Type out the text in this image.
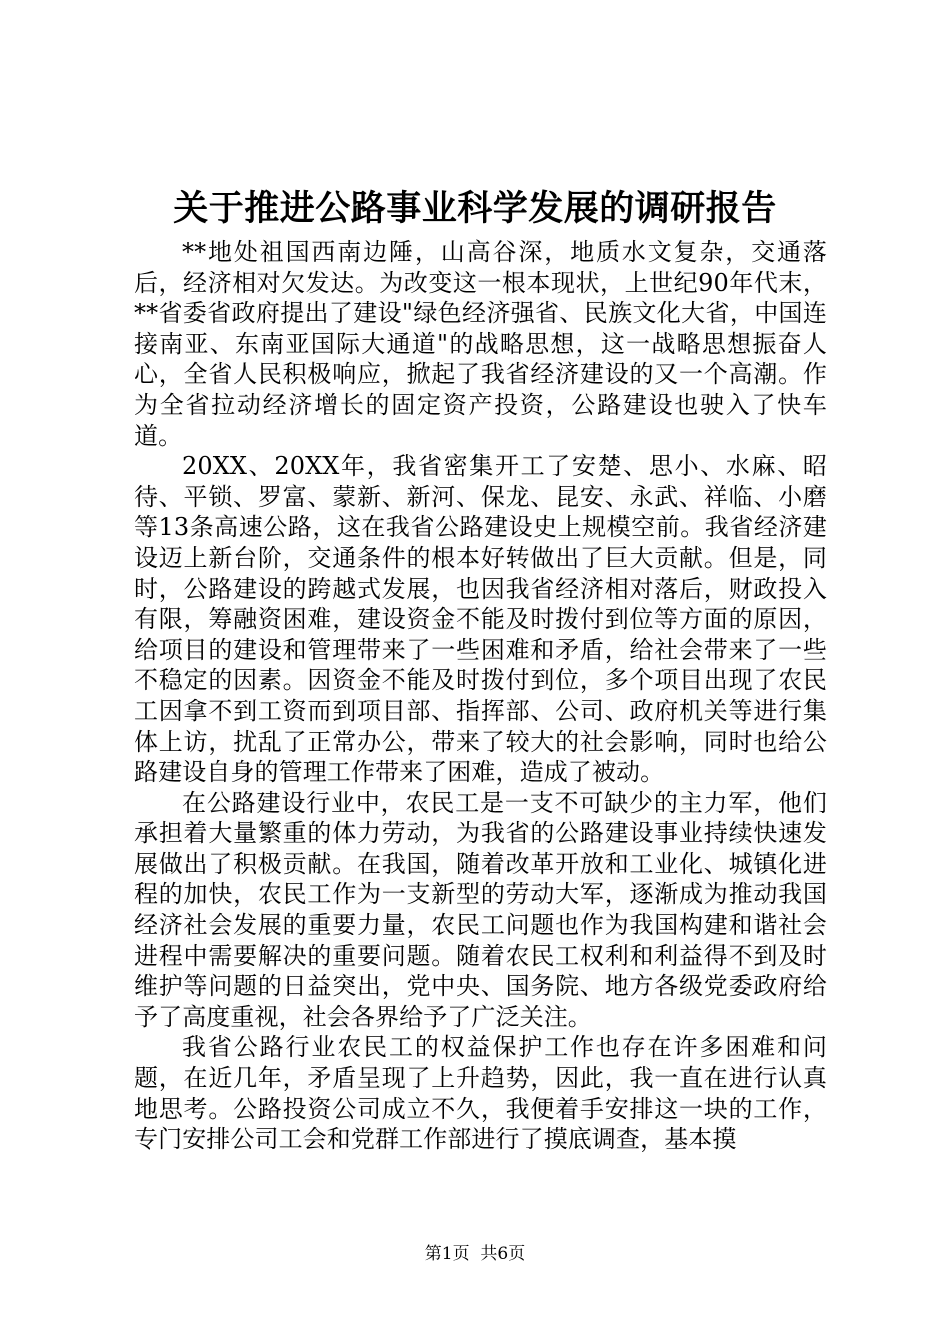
关于推进公路事业科学发展的调研报告

**地处祖国西南边陲，山高谷深，地质水文复杂，交通落后，经济相对欠发达。为改变这一根本现状，上世纪90年代末，**省委省政府提出了建设"绿色经济强省、民族文化大省，中国连接南亚、东南亚国际大通道"的战略思想，这一战略思想振奋人心，全省人民积极响应，掀起了我省经济建设的又一个高潮。作为全省拉动经济增长的固定资产投资，公路建设也驶入了快车道。

20XX、20XX年，我省密集开工了安楚、思小、水麻、昭待、平锁、罗富、蒙新、新河、保龙、昆安、永武、祥临、小磨等13条高速公路，这在我省公路建设史上规模空前。我省经济建设迈上新台阶，交通条件的根本好转做出了巨大贡献。但是，同时，公路建设的跨越式发展，也因我省经济相对落后，财政投入有限，筹融资困难，建设资金不能及时拨付到位等方面的原因，给项目的建设和管理带来了一些困难和矛盾，给社会带来了一些不稳定的因素。因资金不能及时拨付到位，多个项目出现了农民工因拿不到工资而到项目部、指挥部、公司、政府机关等进行集体上访，扰乱了正常办公，带来了较大的社会影响，同时也给公路建设自身的管理工作带来了困难，造成了被动。

在公路建设行业中，农民工是一支不可缺少的主力军，他们承担着大量繁重的体力劳动，为我省的公路建设事业持续快速发展做出了积极贡献。在我国，随着改革开放和工业化、城镇化进程的加快，农民工作为一支新型的劳动大军，逐渐成为推动我国经济社会发展的重要力量，农民工问题也作为我国构建和谐社会进程中需要解决的重要问题。随着农民工权利和利益得不到及时维护等问题的日益突出，党中央、国务院、地方各级党委政府给予了高度重视，社会各界给予了广泛关注。

我省公路行业农民工的权益保护工作也存在许多困难和问题，在近几年，矛盾呈现了上升趋势，因此，我一直在进行认真地思考。公路投资公司成立不久，我便着手安排这一块的工作，专门安排公司工会和党群工作部进行了摸底调查，基本摸

第1页 共6页
